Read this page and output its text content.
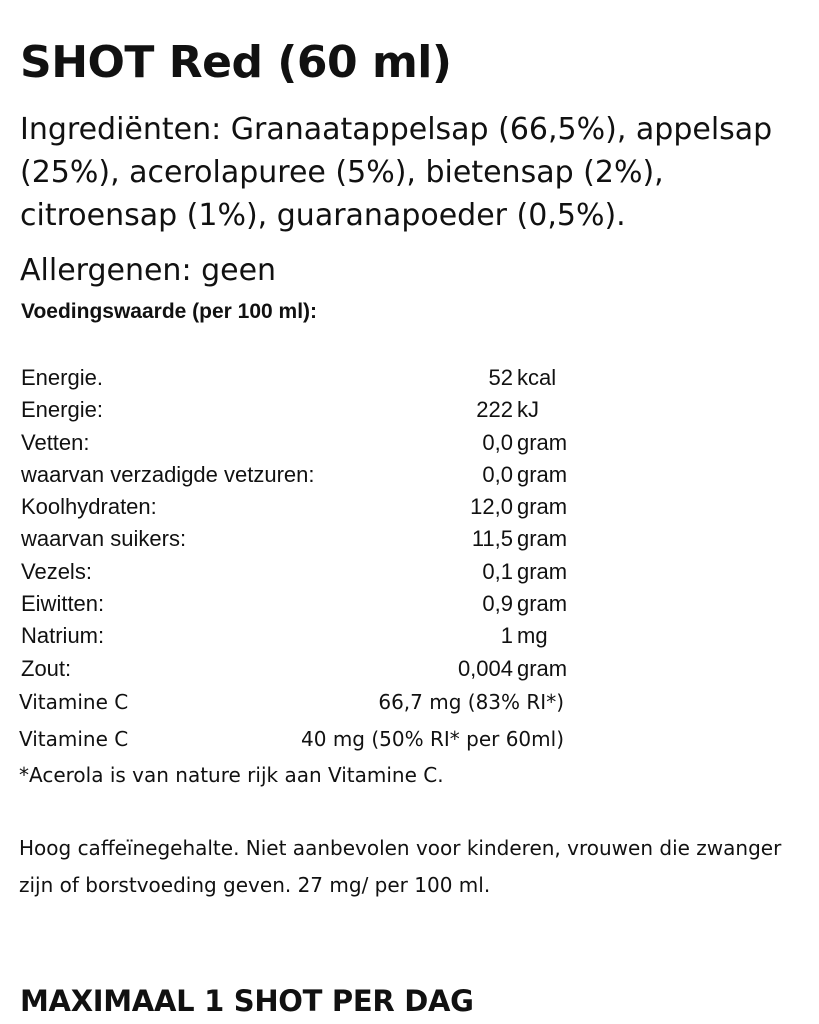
SHOT Red (60 ml)

Ingrediënten: Granaatappelsap (66,5%), appelsap (25%), acerolapuree (5%), bietensap (2%), citroensap (1%), guaranapoeder (0,5%).

Allergenen: geen

Voedingswaarde (per 100 ml):

Energie.	52 kcal
Energie:	222 kJ
Vetten:	0,0 gram
waarvan verzadigde vetzuren:	0,0 gram
Koolhydraten:	12,0 gram
waarvan suikers:	11,5 gram
Vezels:	0,1 gram
Eiwitten:	0,9 gram
Natrium:	1 mg
Zout:	0,004 gram
Vitamine C	66,7 mg (83% RI*)
Vitamine C	40 mg (50% RI* per 60ml)

*Acerola is van nature rijk aan Vitamine C.

Hoog caffeïnegehalte. Niet aanbevolen voor kinderen, vrouwen die zwanger zijn of borstvoeding geven. 27 mg/ per 100 ml.

MAXIMAAL 1 SHOT PER DAG
